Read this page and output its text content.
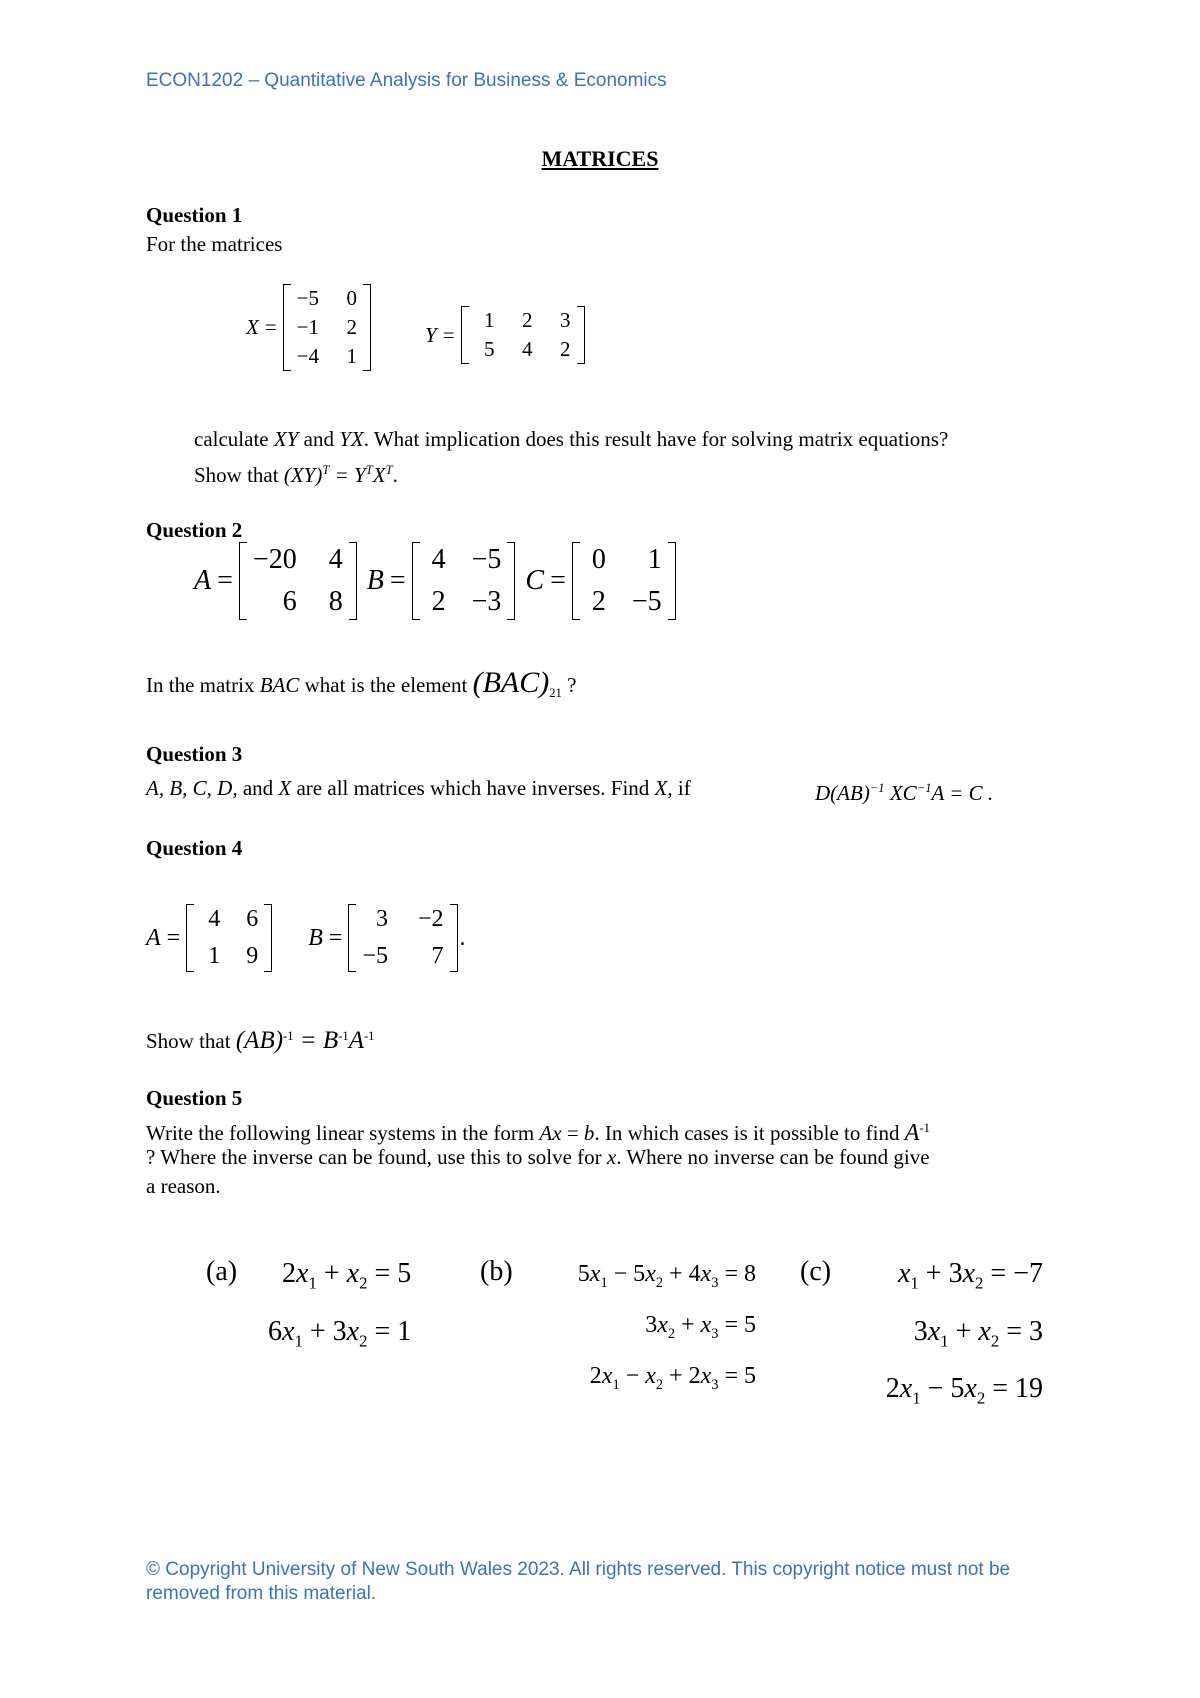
ECON1202 – Quantitative Analysis for Business & Economics
MATRICES
Question 1
For the matrices
X =
−5	0
−1	2
−4	1
Y =
1	2	3
5	4	2
calculate XY and YX. What implication does this result have for solving matrix equations?
Show that $(XY)^T = Y^TX^T$.
Question 2
A =
−20 4
6 8
B =
4 −5
2 −3
C =
0	1
2 −5
In the matrix BAC what is the element $(BAC)_{21}$ ?
Question 3
A, B, C, D, and X are all matrices which have inverses. Find X, if	D(AB)$^{-1}$ $XC^{-1}A = C$ .
Question 4
A =
4	6
1	9
B =
3 −2
−5	7
.
Show that $(AB)^{-1} = B^{-1}A^{-1}$
Question 5
Write the following linear systems in the form Ax = b. In which cases is it possible to find $A^{-1}$
? Where the inverse can be found, use this to solve for x. Where no inverse can be found give
a reason.
(a)	$2x_1 + x_2 = 5$
$6x_1 + 3x_2 = 1$
(b)	$5x_1 - 5x_2 + 4x_3 = 8$
$3x_2 + x_3 = 5$
$2x_1 - x_2 + 2x_3 = 5$
(c)	$x_1 + 3x_2 = -7$
$3x_1 + x_2 = 3$
$2x_1 - 5x_2 = 19$
© Copyright University of New South Wales 2023. All rights reserved. This copyright notice must not be removed from this material.
